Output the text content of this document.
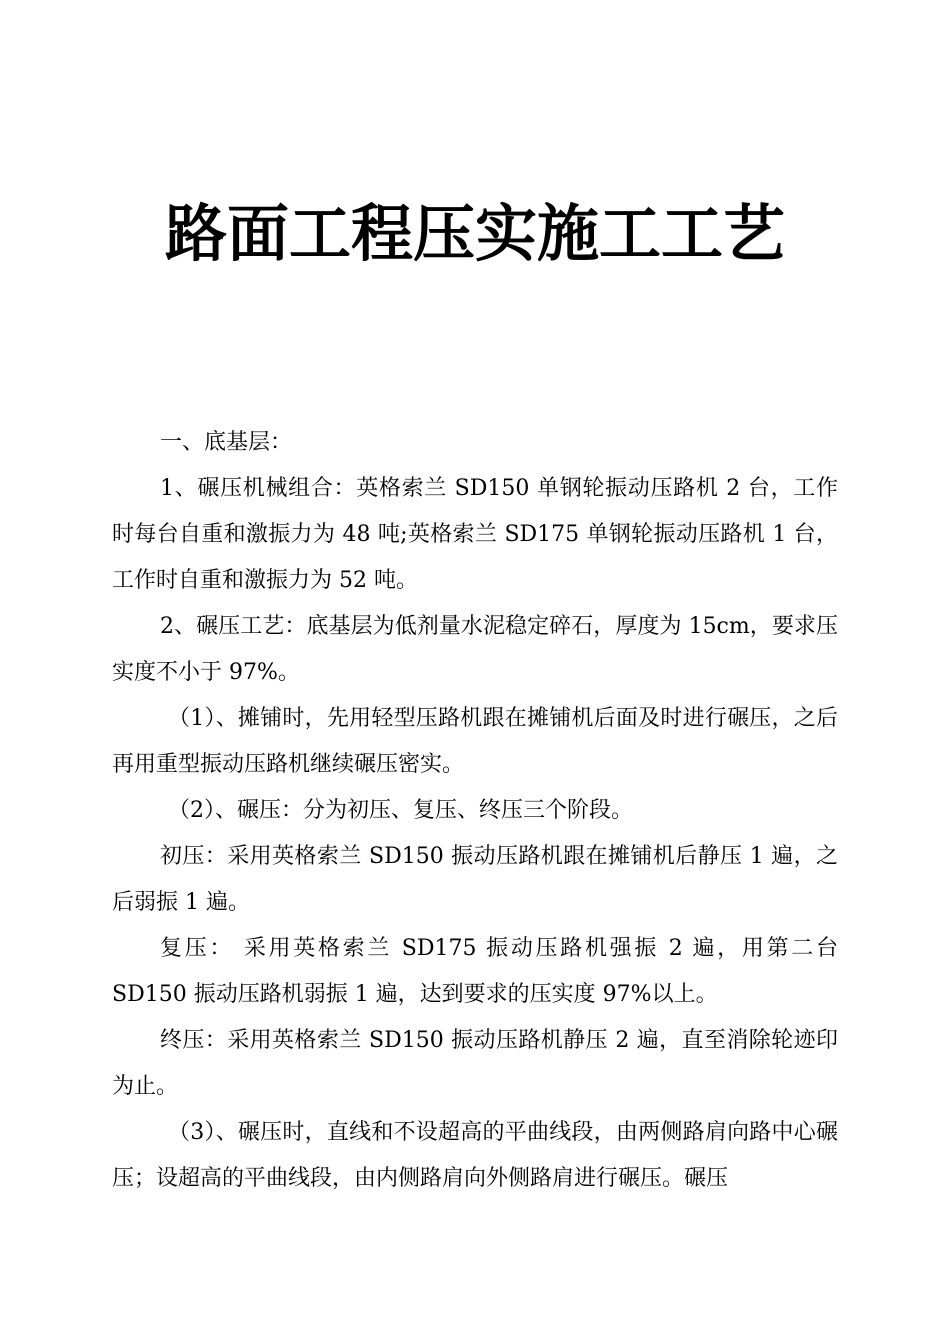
路面工程压实施工工艺

一、底基层：

1、碾压机械组合：英格索兰 SD150 单钢轮振动压路机 2 台，工作时每台自重和激振力为 48 吨;英格索兰 SD175 单钢轮振动压路机 1 台，工作时自重和激振力为 52 吨。

2、碾压工艺：底基层为低剂量水泥稳定碎石，厚度为 15cm，要求压实度不小于 97%。

（1）、摊铺时，先用轻型压路机跟在摊铺机后面及时进行碾压，之后再用重型振动压路机继续碾压密实。

（2）、碾压：分为初压、复压、终压三个阶段。

初压：采用英格索兰 SD150 振动压路机跟在摊铺机后静压 1 遍，之后弱振 1 遍。

复压： 采用英格索兰 SD175 振动压路机强振 2 遍，用第二台 SD150 振动压路机弱振 1 遍，达到要求的压实度 97%以上。

终压：采用英格索兰 SD150 振动压路机静压 2 遍，直至消除轮迹印为止。

（3）、碾压时，直线和不设超高的平曲线段，由两侧路肩向路中心碾压；设超高的平曲线段，由内侧路肩向外侧路肩进行碾压。碾压
